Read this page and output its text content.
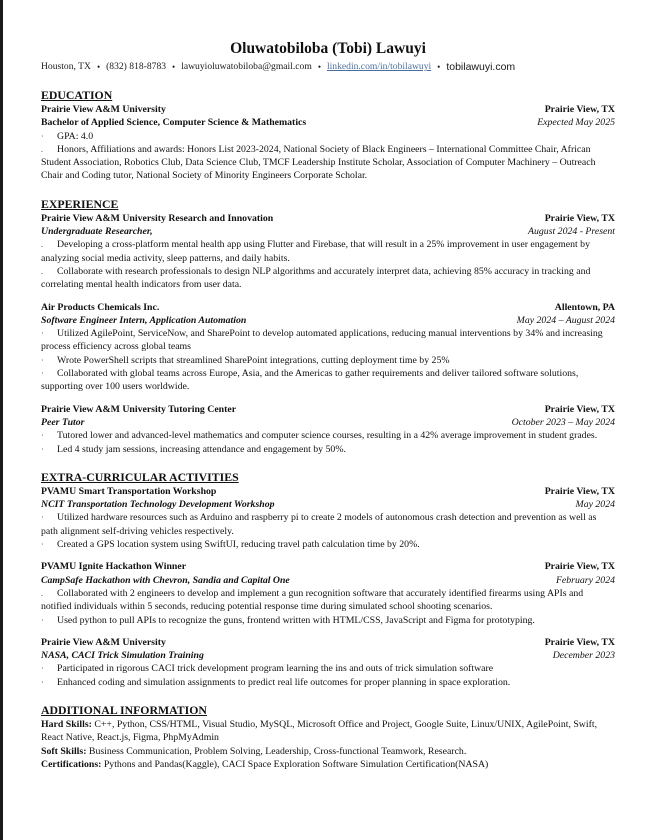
Oluwatobiloba (Tobi) Lawuyi
Houston, TX • (832) 818-8783 • lawuyioluwatobiloba@gmail.com • linkedin.com/in/tobilawuyi • tobilawuyi.com
EDUCATION
Prairie View A&M University	Prairie View, TX
Bachelor of Applied Science, Computer Science & Mathematics	Expected May 2025
· GPA: 4.0
. Honors, Affiliations and awards: Honors List 2023-2024, National Society of Black Engineers – International Committee Chair, African Student Association, Robotics Club, Data Science Club, TMCF Leadership Institute Scholar, Association of Computer Machinery – Outreach Chair and Coding tutor, National Society of Minority Engineers Corporate Scholar.
EXPERIENCE
Prairie View A&M University Research and Innovation	Prairie View, TX
Undergraduate Researcher,	August 2024 - Present
. Developing a cross-platform mental health app using Flutter and Firebase, that will result in a 25% improvement in user engagement by analyzing social media activity, sleep patterns, and daily habits.
. Collaborate with research professionals to design NLP algorithms and accurately interpret data, achieving 85% accuracy in tracking and correlating mental health indicators from user data.
Air Products Chemicals Inc.	Allentown, PA
Software Engineer Intern, Application Automation	May 2024 – August 2024
· Utilized AgilePoint, ServiceNow, and SharePoint to develop automated applications, reducing manual interventions by 34% and increasing process efficiency across global teams
· Wrote PowerShell scripts that streamlined SharePoint integrations, cutting deployment time by 25%
· Collaborated with global teams across Europe, Asia, and the Americas to gather requirements and deliver tailored software solutions, supporting over 100 users worldwide.
Prairie View A&M University Tutoring Center	Prairie View, TX
Peer Tutor	October 2023 – May 2024
· Tutored lower and advanced-level mathematics and computer science courses, resulting in a 42% average improvement in student grades.
· Led 4 study jam sessions, increasing attendance and engagement by 50%.
EXTRA-CURRICULAR ACTIVITIES
PVAMU Smart Transportation Workshop	Prairie View, TX
NCIT Transportation Technology Development Workshop	May 2024
· Utilized hardware resources such as Arduino and raspberry pi to create 2 models of autonomous crash detection and prevention as well as path alignment self-driving vehicles respectively.
· Created a GPS location system using SwiftUI, reducing travel path calculation time by 20%.
PVAMU Ignite Hackathon Winner	Prairie View, TX
CampSafe Hackathon with Chevron, Sandia and Capital One	February 2024
. Collaborated with 2 engineers to develop and implement a gun recognition software that accurately identified firearms using APIs and notified individuals within 5 seconds, reducing potential response time during simulated school shooting scenarios.
· Used python to pull APIs to recognize the guns, frontend written with HTML/CSS, JavaScript and Figma for prototyping.
Prairie View A&M University	Prairie View, TX
NASA, CACI Trick Simulation Training	December 2023
· Participated in rigorous CACI trick development program learning the ins and outs of trick simulation software
· Enhanced coding and simulation assignments to predict real life outcomes for proper planning in space exploration.
ADDITIONAL INFORMATION
Hard Skills: C++, Python, CSS/HTML, Visual Studio, MySQL, Microsoft Office and Project, Google Suite, Linux/UNIX, AgilePoint, Swift, React Native, React.js, Figma, PhpMyAdmin
Soft Skills: Business Communication, Problem Solving, Leadership, Cross-functional Teamwork, Research.
Certifications: Pythons and Pandas(Kaggle), CACI Space Exploration Software Simulation Certification(NASA)
